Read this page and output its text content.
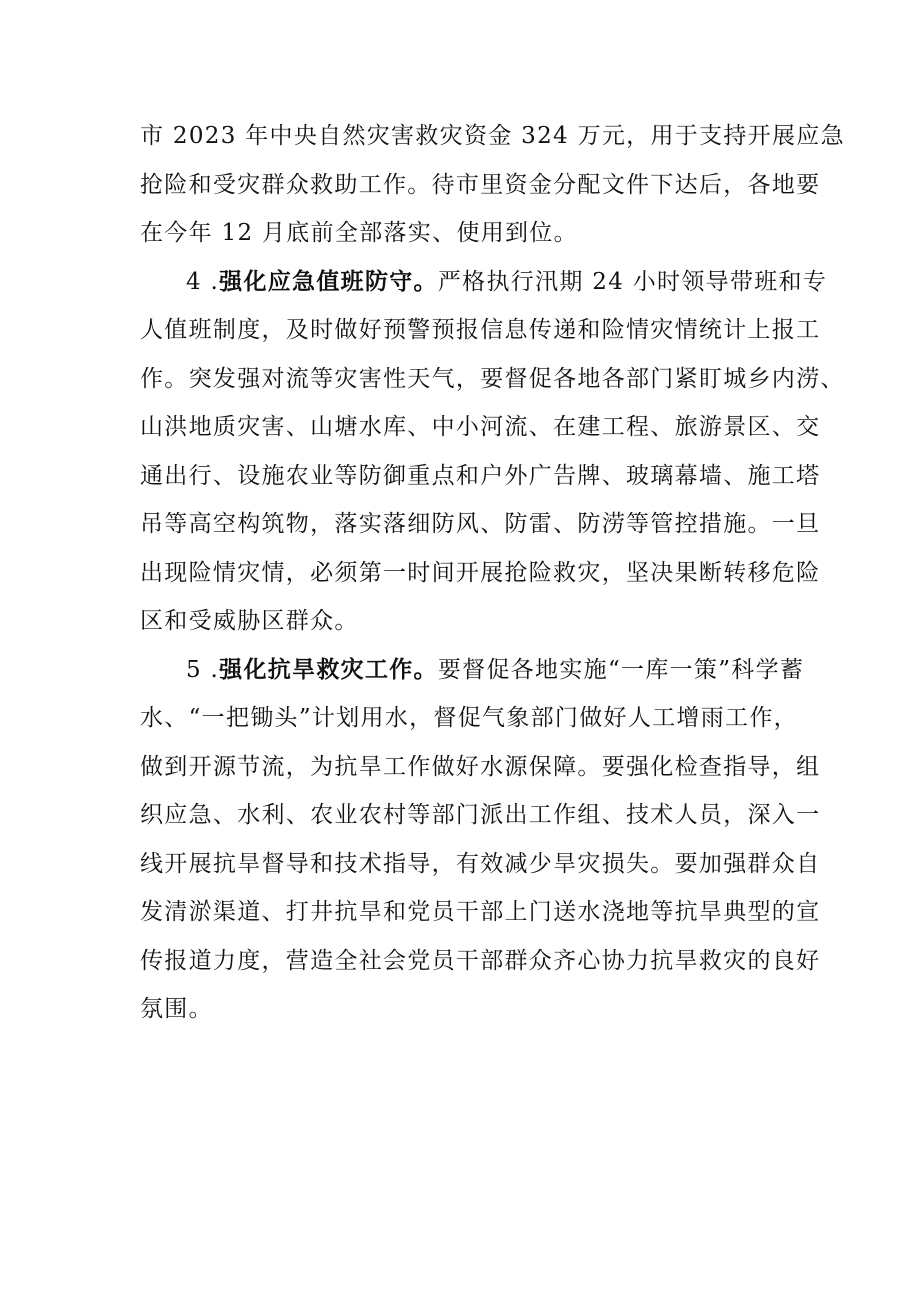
市 2023 年中央自然灾害救灾资金 324 万元，用于支持开展应急
抢险和受灾群众救助工作。待市里资金分配文件下达后，各地要
在今年 12 月底前全部落实、使用到位。
4 .强化应急值班防守。严格执行汛期 24 小时领导带班和专
人值班制度，及时做好预警预报信息传递和险情灾情统计上报工
作。突发强对流等灾害性天气，要督促各地各部门紧盯城乡内涝、
山洪地质灾害、山塘水库、中小河流、在建工程、旅游景区、交
通出行、设施农业等防御重点和户外广告牌、玻璃幕墙、施工塔
吊等高空构筑物，落实落细防风、防雷、防涝等管控措施。一旦
出现险情灾情，必须第一时间开展抢险救灾，坚决果断转移危险
区和受威胁区群众。
5 .强化抗旱救灾工作。要督促各地实施“一库一策”科学蓄
水、“一把锄头”计划用水，督促气象部门做好人工增雨工作，
做到开源节流，为抗旱工作做好水源保障。要强化检查指导，组
织应急、水利、农业农村等部门派出工作组、技术人员，深入一
线开展抗旱督导和技术指导，有效减少旱灾损失。要加强群众自
发清淤渠道、打井抗旱和党员干部上门送水浇地等抗旱典型的宣
传报道力度，营造全社会党员干部群众齐心协力抗旱救灾的良好
氛围。
